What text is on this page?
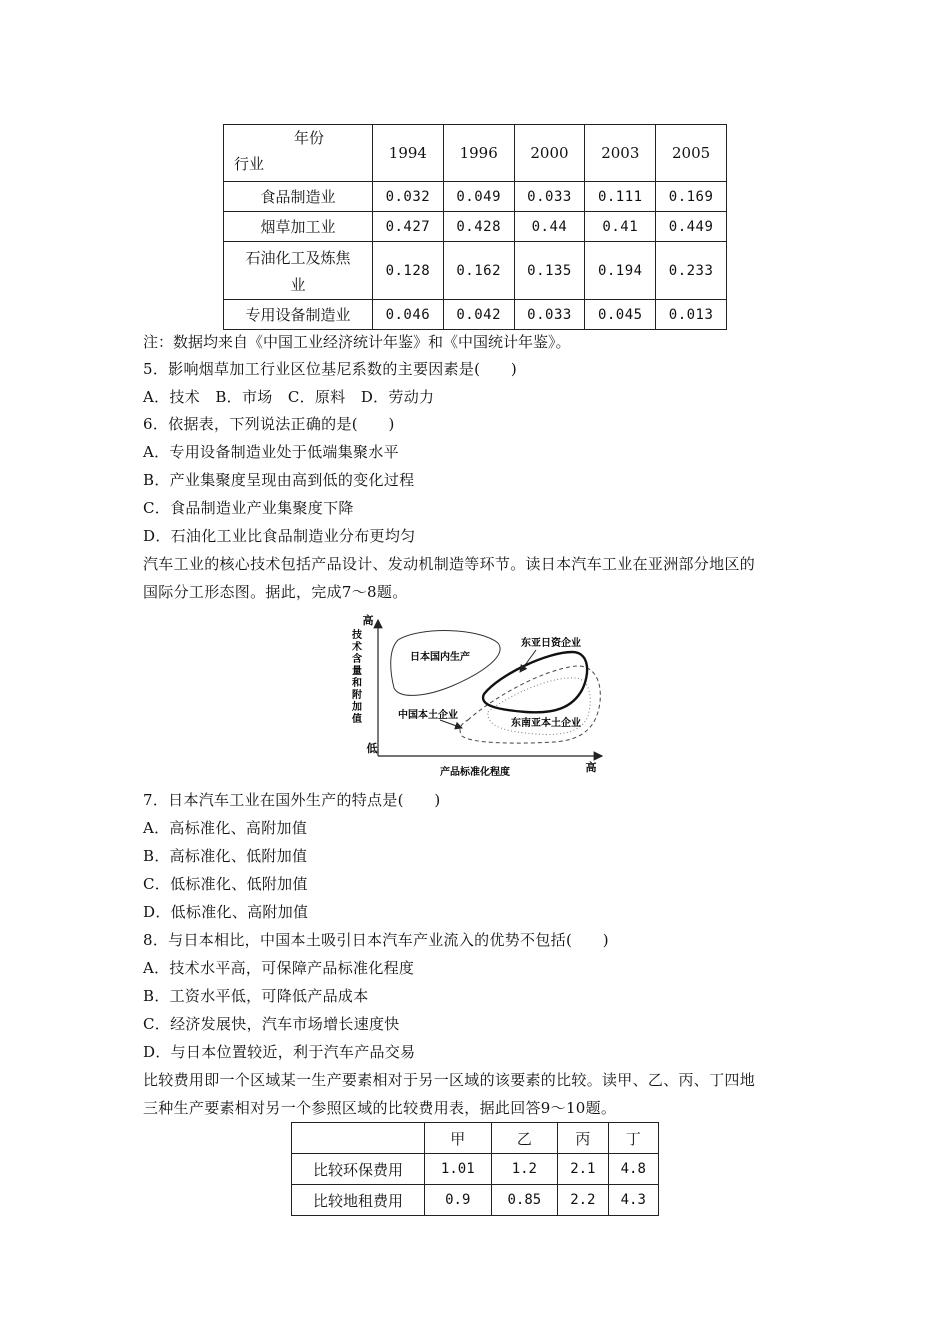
年份
行业	1994	1996	2000	2003	2005
食品制造业	0.032	0.049	0.033	0.111	0.169
烟草加工业	0.427	0.428	0.44	0.41	0.449

石油化工及炼焦
业	0.128	0.162	0.135	0.194	0.233
专用设备制造业	0.046	0.042	0.033	0.045	0.013
注：数据均来自《中国工业经济统计年鉴》和《中国统计年鉴》。
5．影响烟草加工行业区位基尼系数的主要因素是(　　)
A．技术　B．市场　C．原料　D．劳动力
6．依据表，下列说法正确的是(　　)
A．专用设备制造业处于低端集聚水平
B．产业集聚度呈现由高到低的变化过程
C．食品制造业产业集聚度下降
D．石油化工业比食品制造业分布更均匀
汽车工业的核心技术包括产品设计、发动机制造等环节。读日本汽车工业在亚洲部分地区的
国际分工形态图。据此，完成7～8题。
高
低
技
术
含
量
和
附
加
值
产品标准化程度	高
日本国内生产
东亚日资企业
中国本土企业
东南亚本土企业
7．日本汽车工业在国外生产的特点是(　　)
A．高标准化、高附加值
B．高标准化、低附加值
C．低标准化、低附加值
D．低标准化、高附加值
8．与日本相比，中国本土吸引日本汽车产业流入的优势不包括(　　)
A．技术水平高，可保障产品标准化程度
B．工资水平低，可降低产品成本
C．经济发展快，汽车市场增长速度快
D．与日本位置较近，利于汽车产品交易
比较费用即一个区域某一生产要素相对于另一区域的该要素的比较。读甲、乙、丙、丁四地
三种生产要素相对另一个参照区域的比较费用表，据此回答9～10题。
	甲	乙	丙	丁
比较环保费用	1.01	1.2	2.1	4.8
比较地租费用	0.9	0.85	2.2	4.3
